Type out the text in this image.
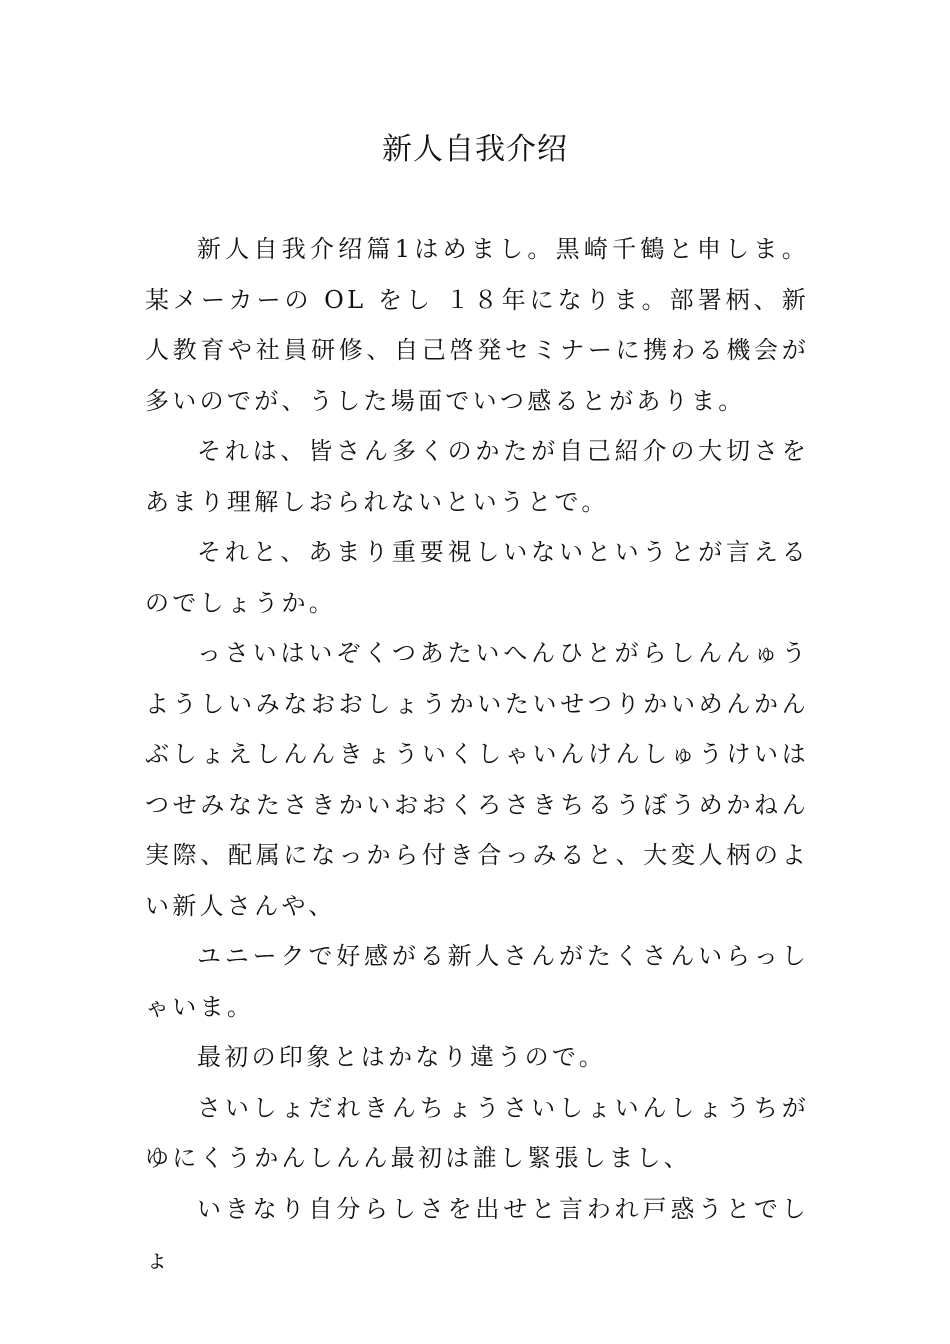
新人自我介绍

新人自我介绍篇1はめまし。黒崎千鶴と申しま。某メーカーの OL をし １８年になりま。部署柄、新人教育や社員研修、自己啓発セミナーに携わる機会が多いのでが、うした場面でいつ感るとがありま。

それは、皆さん多くのかたが自己紹介の大切さをあまり理解しおられないというとで。

それと、あまり重要視しいないというとが言えるのでしょうか。

っさいはいぞくつあたいへんひとがらしんんゅうようしいみなおおしょうかいたいせつりかいめんかんぶしょえしんんきょういくしゃいんけんしゅうけいはつせみなたさきかいおおくろさきちるうぼうめかねん実際、配属になっから付き合っみると、大変人柄のよい新人さんや、

ユニークで好感がる新人さんがたくさんいらっしゃいま。

最初の印象とはかなり違うので。

さいしょだれきんちょうさいしょいんしょうちがゆにくうかんしんん最初は誰し緊張しまし、

いきなり自分らしさを出せと言われ戸惑うとでしょ
